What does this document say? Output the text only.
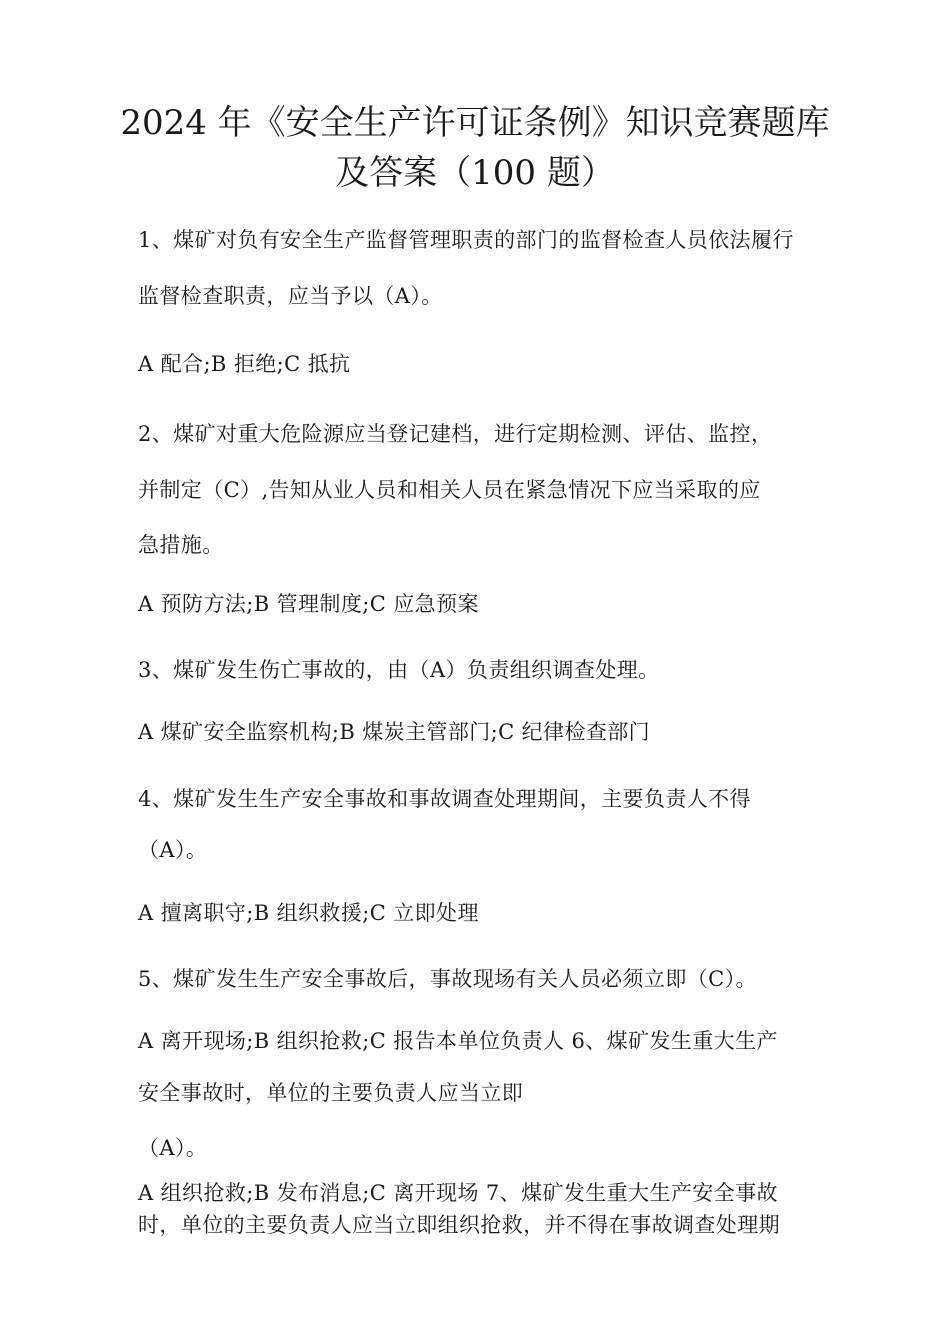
2024 年《安全生产许可证条例》知识竞赛题库
及答案（100 题）
1、煤矿对负有安全生产监督管理职责的部门的监督检查人员依法履行
监督检查职责，应当予以（A）。
A 配合;B 拒绝;C 抵抗
2、煤矿对重大危险源应当登记建档，进行定期检测、评估、监控，
并制定（C）,告知从业人员和相关人员在紧急情况下应当采取的应
急措施。
A 预防方法;B 管理制度;C 应急预案
3、煤矿发生伤亡事故的，由（A）负责组织调查处理。
A 煤矿安全监察机构;B 煤炭主管部门;C 纪律检查部门
4、煤矿发生生产安全事故和事故调查处理期间，主要负责人不得
（A）。
A 擅离职守;B 组织救援;C 立即处理
5、煤矿发生生产安全事故后，事故现场有关人员必须立即（C）。
A 离开现场;B 组织抢救;C 报告本单位负责人 6、煤矿发生重大生产
安全事故时，单位的主要负责人应当立即
（A）。
A 组织抢救;B 发布消息;C 离开现场 7、煤矿发生重大生产安全事故
时，单位的主要负责人应当立即组织抢救，并不得在事故调查处理期
